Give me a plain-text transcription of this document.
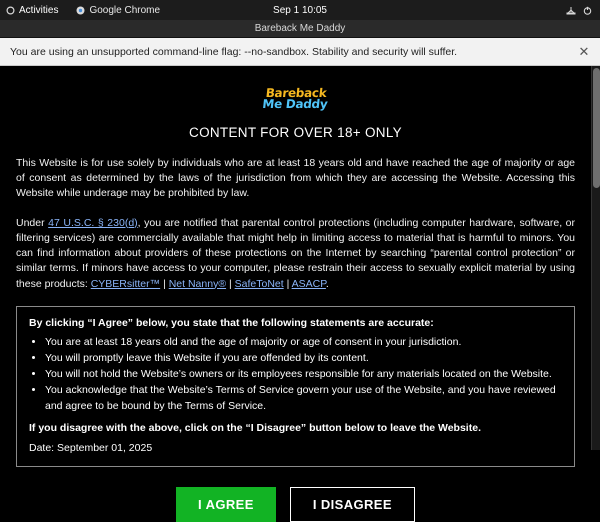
Activities	Google Chrome	Sep 1 10:05
Bareback Me Daddy
You are using an unsupported command-line flag: --no-sandbox. Stability and security will suffer.	✕
Bareback
Me Daddy
CONTENT FOR OVER 18+ ONLY

This Website is for use solely by individuals who are at least 18 years old and have reached the age of majority or age of consent as determined by the laws of the jurisdiction from which they are accessing the Website. Accessing this Website while underage may be prohibited by law.

Under 47 U.S.C. § 230(d), you are notified that parental control protections (including computer hardware, software, or filtering services) are commercially available that might help in limiting access to material that is harmful to minors. You can find information about providers of these protections on the Internet by searching “parental control protection” or similar terms. If minors have access to your computer, please restrain their access to sexually explicit material by using these products: CYBERsitter™ | Net Nanny® | SafeToNet | ASACP.

By clicking “I Agree” below, you state that the following statements are accurate:
• You are at least 18 years old and the age of majority or age of consent in your jurisdiction.
• You will promptly leave this Website if you are offended by its content.
• You will not hold the Website’s owners or its employees responsible for any materials located on the Website.
• You acknowledge that the Website’s Terms of Service govern your use of the Website, and you have reviewed and agree to be bound by the Terms of Service.
If you disagree with the above, click on the “I Disagree” button below to leave the Website.
Date: September 01, 2025
I AGREE	I DISAGREE
